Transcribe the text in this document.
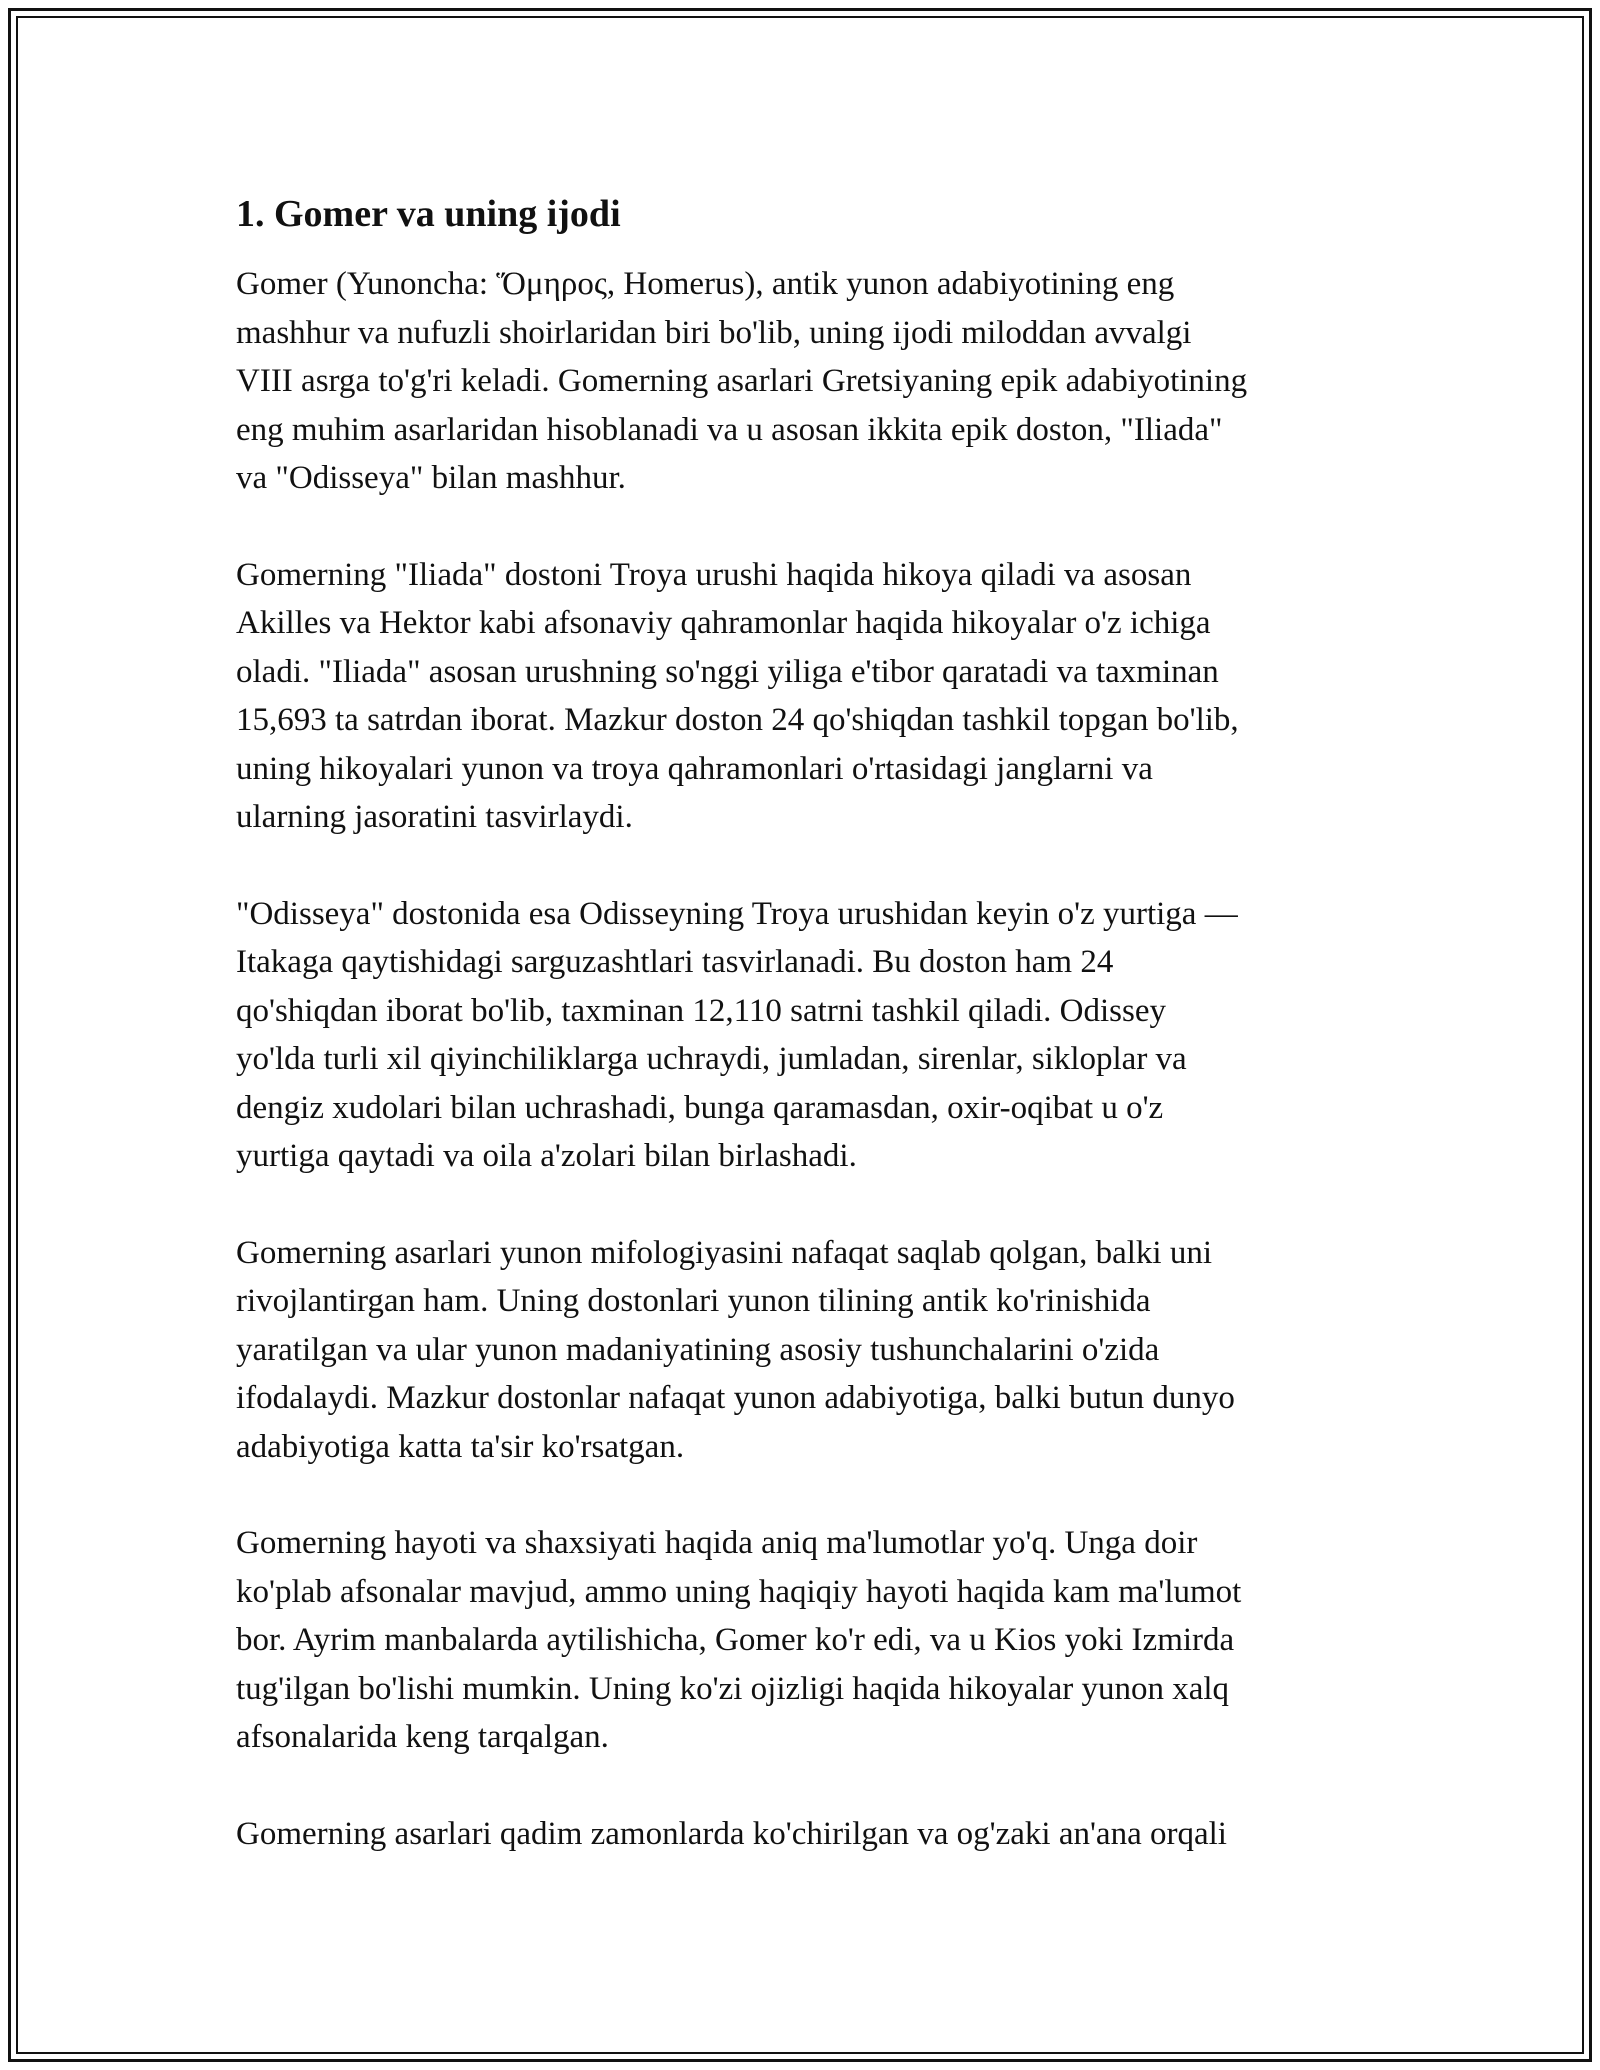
1. Gomer va uning ijodi

Gomer (Yunoncha: Ὅμηρος, Homerus), antik yunon adabiyotining eng
mashhur va nufuzli shoirlaridan biri bo'lib, uning ijodi miloddan avvalgi
VIII asrga to'g'ri keladi. Gomerning asarlari Gretsiyaning epik adabiyotining
eng muhim asarlaridan hisoblanadi va u asosan ikkita epik doston, "Iliada"
va "Odisseya" bilan mashhur.

Gomerning "Iliada" dostoni Troya urushi haqida hikoya qiladi va asosan
Akilles va Hektor kabi afsonaviy qahramonlar haqida hikoyalar o'z ichiga
oladi. "Iliada" asosan urushning so'nggi yiliga e'tibor qaratadi va taxminan
15,693 ta satrdan iborat. Mazkur doston 24 qo'shiqdan tashkil topgan bo'lib,
uning hikoyalari yunon va troya qahramonlari o'rtasidagi janglarni va
ularning jasoratini tasvirlaydi.

"Odisseya" dostonida esa Odisseyning Troya urushidan keyin o'z yurtiga —
Itakaga qaytishidagi sarguzashtlari tasvirlanadi. Bu doston ham 24
qo'shiqdan iborat bo'lib, taxminan 12,110 satrni tashkil qiladi. Odissey
yo'lda turli xil qiyinchiliklarga uchraydi, jumladan, sirenlar, sikloplar va
dengiz xudolari bilan uchrashadi, bunga qaramasdan, oxir-oqibat u o'z
yurtiga qaytadi va oila a'zolari bilan birlashadi.

Gomerning asarlari yunon mifologiyasini nafaqat saqlab qolgan, balki uni
rivojlantirgan ham. Uning dostonlari yunon tilining antik ko'rinishida
yaratilgan va ular yunon madaniyatining asosiy tushunchalarini o'zida
ifodalaydi. Mazkur dostonlar nafaqat yunon adabiyotiga, balki butun dunyo
adabiyotiga katta ta'sir ko'rsatgan.

Gomerning hayoti va shaxsiyati haqida aniq ma'lumotlar yo'q. Unga doir
ko'plab afsonalar mavjud, ammo uning haqiqiy hayoti haqida kam ma'lumot
bor. Ayrim manbalarda aytilishicha, Gomer ko'r edi, va u Kios yoki Izmirda
tug'ilgan bo'lishi mumkin. Uning ko'zi ojizligi haqida hikoyalar yunon xalq
afsonalarida keng tarqalgan.

Gomerning asarlari qadim zamonlarda ko'chirilgan va og'zaki an'ana orqali
